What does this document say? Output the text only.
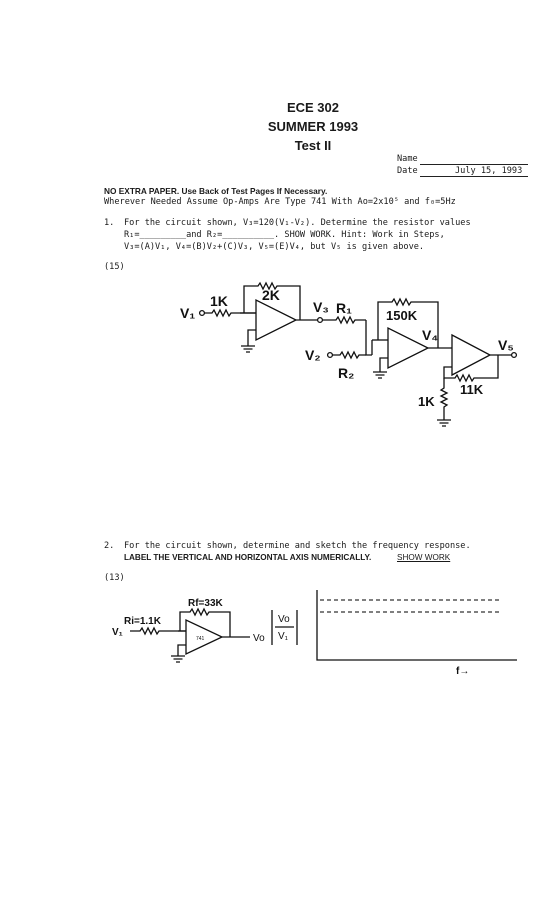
ECE 302
SUMMER 1993
Test II
Name
Date	July 15, 1993
NO EXTRA PAPER. Use Back of Test Pages If Necessary.
Wherever Needed Assume Op-Amps Are Type 741 With Ao=2x10⁵ and f₀=5Hz
1. For the circuit shown, V₃=120(V₁-V₂). Determine the resistor values
R₁=_________and R₂=__________. SHOW WORK. Hint: Work in Steps,
V₃=(A)V₁, V₄=(B)V₂+(C)V₃, V₅=(E)V₄, but V₅ is given above.
(15)
V₁
1K 2K
V₃ R₁	150K
V₄
V₅
V₂
R₂
11K
1K
2. For the circuit shown, determine and sketch the frequency response.
LABEL THE VERTICAL AND HORIZONTAL AXIS NUMERICALLY.	SHOW WORK
(13)
Rf=33K
Ri=1.1K
V₁
Vo
741
Vo
V₁
f→
